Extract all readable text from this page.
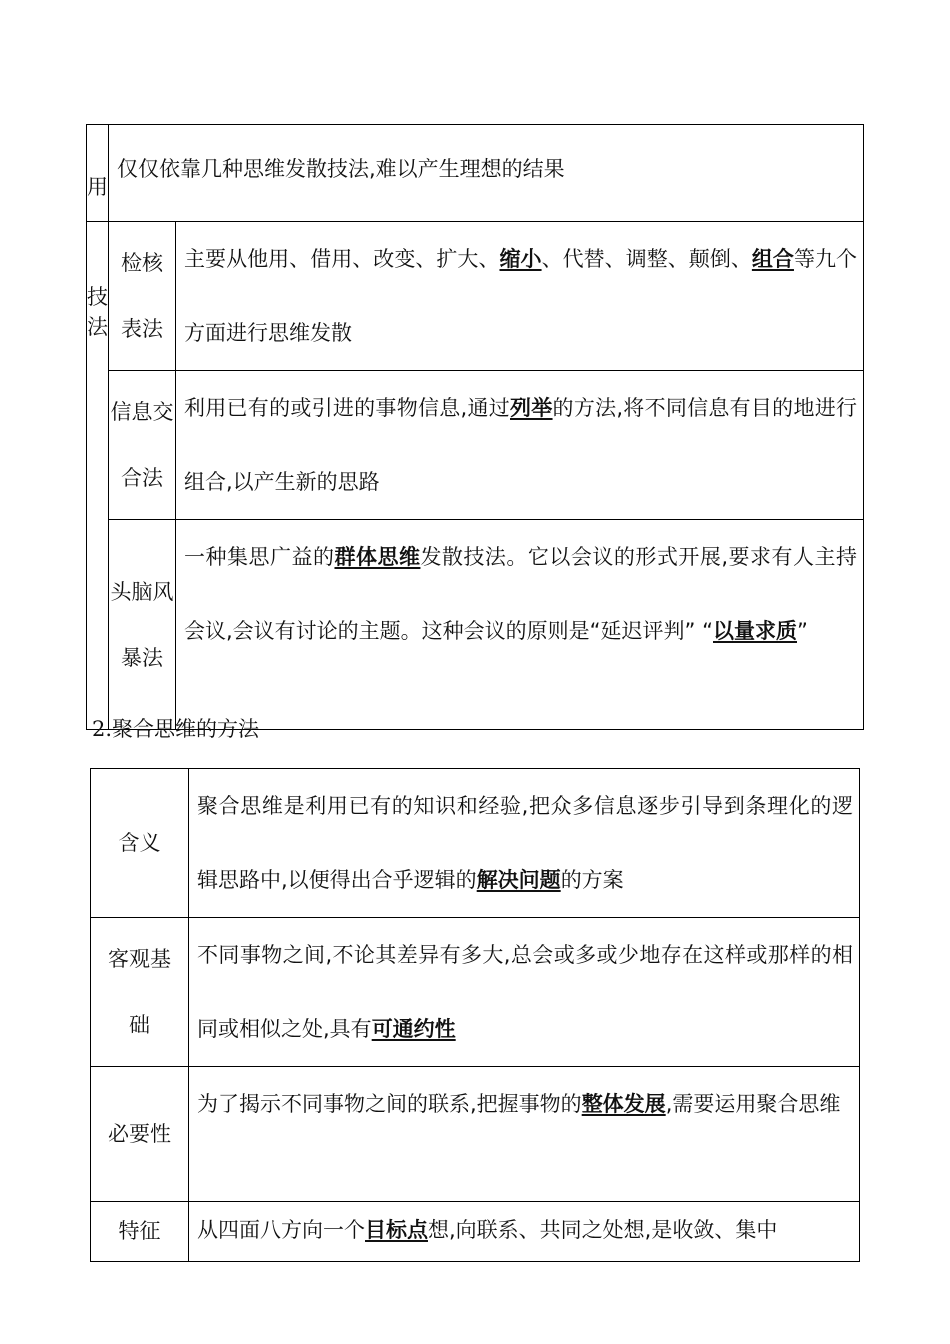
用	仅仅依靠几种思维发散技法,难以产生理想的结果	
技法	检核表法	主要从他用、借用、改变、扩大、缩小、代替、调整、颠倒、组合等九个方面进行思维发散
	信息交合法	利用已有的或引进的事物信息,通过列举的方法,将不同信息有目的地进行组合,以产生新的思路
	头脑风暴法	一种集思广益的群体思维发散技法。它以会议的形式开展,要求有人主持会议,会议有讨论的主题。这种会议的原则是“延迟评判” “以量求质”
2.聚合思维的方法
含义	聚合思维是利用已有的知识和经验,把众多信息逐步引导到条理化的逻辑思路中,以便得出合乎逻辑的解决问题的方案
客观基础	不同事物之间,不论其差异有多大,总会或多或少地存在这样或那样的相同或相似之处,具有可通约性
必要性	为了揭示不同事物之间的联系,把握事物的整体发展,需要运用聚合思维
特征	从四面八方向一个目标点想,向联系、共同之处想,是收敛、集中
